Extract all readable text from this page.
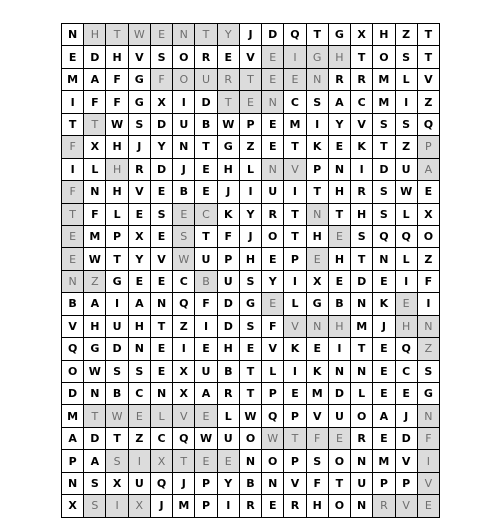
N	H	T	W	E	N	T	Y	J	D	Q	T	G	X	H	Z	T
E	D	H	V	S	O	R	E	V	E	I	G	H	T	O	S	T
M	A	F	G	F	O	U	R	T	E	E	N	R	R	M	L	V
I	F	F	G	X	I	D	T	E	N	C	S	A	C	M	I	Z
T	T	W	S	D	U	B	W	P	E	M	I	Y	V	S	S	Q
F	X	H	J	Y	N	T	G	Z	E	T	K	E	K	T	Z	P
I	L	H	R	D	J	E	H	L	N	V	P	N	I	D	U	A
F	N	H	V	E	B	E	J	I	U	I	T	H	R	S	W	E
T	F	L	E	S	E	C	K	Y	R	T	N	T	H	S	L	X
E	M	P	X	E	S	T	F	J	O	T	H	E	S	Q	Q	O
E	W	T	Y	V	W	U	P	H	E	P	E	H	T	N	L	Z
N	Z	G	E	E	C	B	U	S	Y	I	X	E	D	E	I	F
B	A	I	A	N	Q	F	D	G	E	L	G	B	N	K	E	I
V	H	U	H	T	Z	I	D	S	F	V	N	H	M	J	H	N
Q	G	D	N	E	I	E	H	E	V	K	E	I	T	E	Q	Z
O	W	S	S	E	X	U	B	T	L	I	K	N	N	E	C	S
D	N	B	C	N	X	A	R	T	P	E	M	D	L	E	E	G
M	T	W	E	L	V	E	L	W	Q	P	V	U	O	A	J	N
A	D	T	Z	C	Q	W	U	O	W	T	F	E	R	E	D	F
P	A	S	I	X	T	E	E	N	O	P	S	O	N	M	V	I
N	S	X	U	Q	J	P	Y	B	N	V	F	T	U	P	P	V
X	S	I	X	J	M	P	I	R	E	R	H	O	N	R	V	E
